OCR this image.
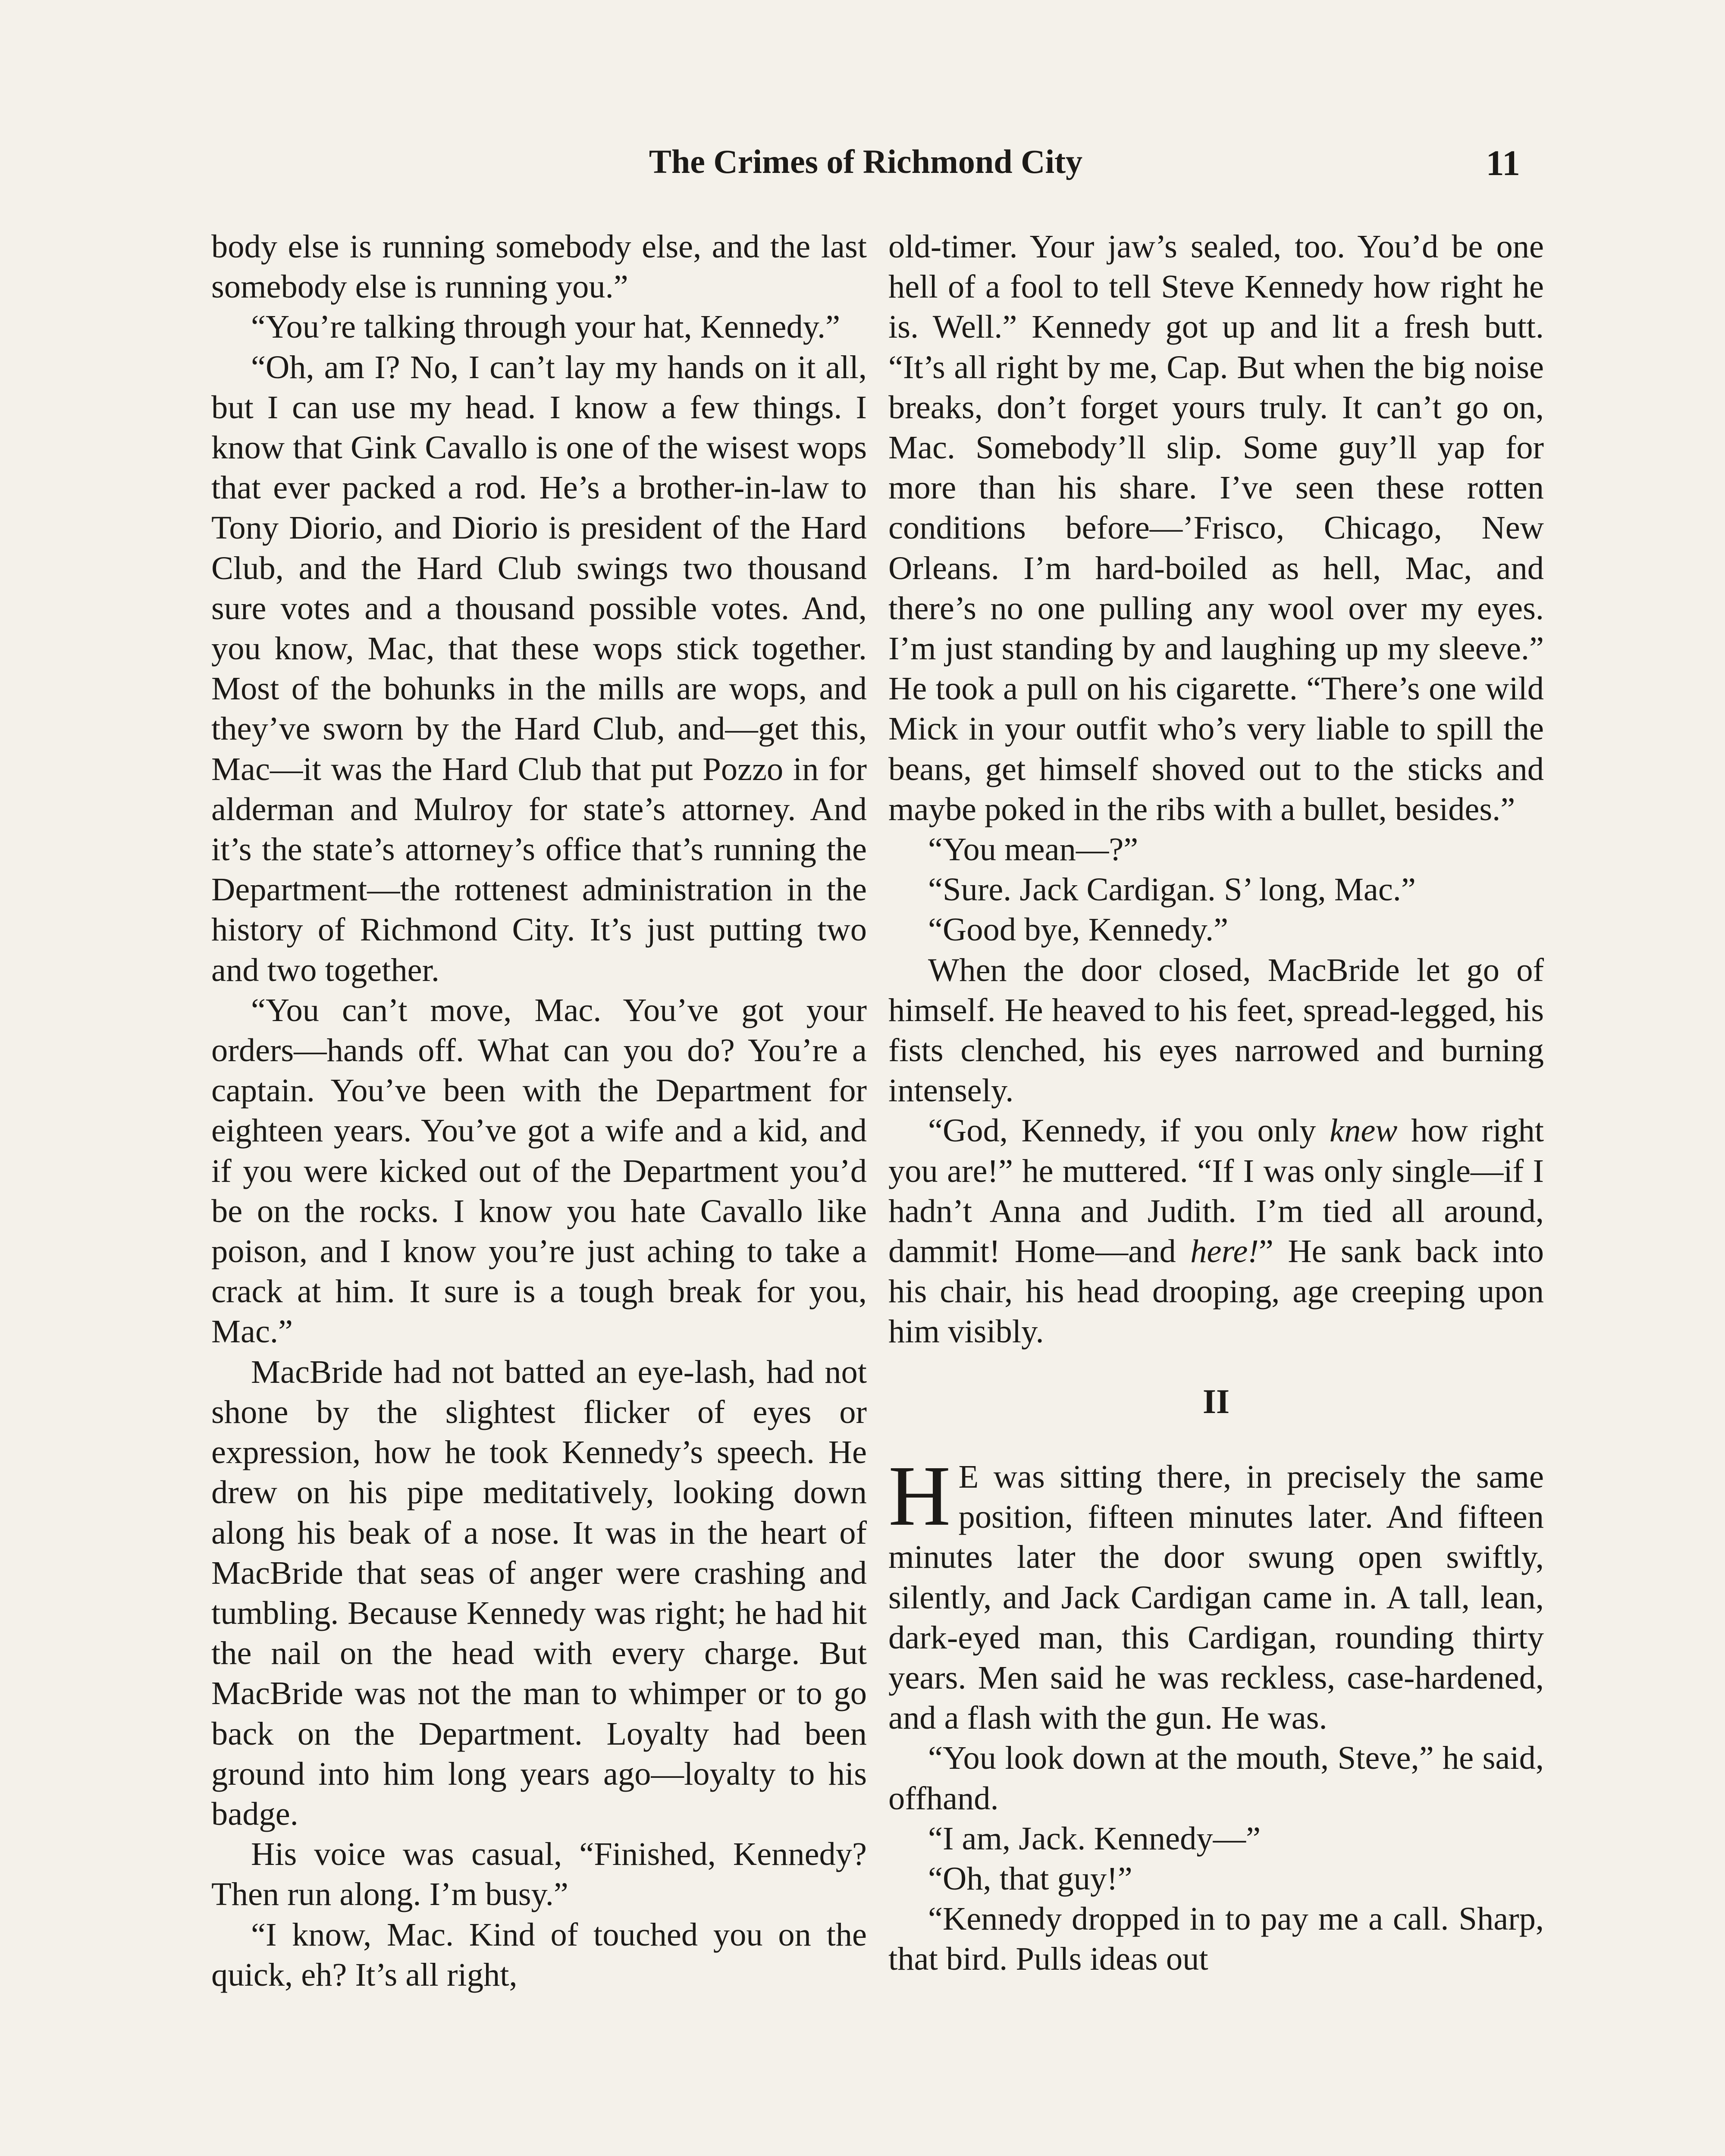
The Crimes of Richmond City	11

body else is running somebody else, and the last somebody else is running you.”

“You’re talking through your hat, Kennedy.”

“Oh, am I? No, I can’t lay my hands on it all, but I can use my head. I know a few things. I know that Gink Cavallo is one of the wisest wops that ever packed a rod. He’s a brother-in-law to Tony Diorio, and Diorio is president of the Hard Club, and the Hard Club swings two thousand sure votes and a thousand possible votes. And, you know, Mac, that these wops stick together. Most of the bohunks in the mills are wops, and they’ve sworn by the Hard Club, and—get this, Mac—it was the Hard Club that put Pozzo in for alderman and Mulroy for state’s attorney. And it’s the state’s attorney’s office that’s running the Department—the rottenest administration in the history of Richmond City. It’s just putting two and two together.

“You can’t move, Mac. You’ve got your orders—hands off. What can you do? You’re a captain. You’ve been with the Department for eighteen years. You’ve got a wife and a kid, and if you were kicked out of the Department you’d be on the rocks. I know you hate Cavallo like poison, and I know you’re just aching to take a crack at him. It sure is a tough break for you, Mac.”

MacBride had not batted an eye-lash, had not shone by the slightest flicker of eyes or expression, how he took Kennedy’s speech. He drew on his pipe meditatively, looking down along his beak of a nose. It was in the heart of MacBride that seas of anger were crashing and tumbling. Because Kennedy was right; he had hit the nail on the head with every charge. But MacBride was not the man to whimper or to go back on the Department. Loyalty had been ground into him long years ago—loyalty to his badge.

His voice was casual, “Finished, Kennedy? Then run along. I’m busy.”

“I know, Mac. Kind of touched you on the quick, eh? It’s all right,

old-timer. Your jaw’s sealed, too. You’d be one hell of a fool to tell Steve Kennedy how right he is. Well.” Kennedy got up and lit a fresh butt. “It’s all right by me, Cap. But when the big noise breaks, don’t forget yours truly. It can’t go on, Mac. Somebody’ll slip. Some guy’ll yap for more than his share. I’ve seen these rotten conditions before—’Frisco, Chicago, New Orleans. I’m hard-boiled as hell, Mac, and there’s no one pulling any wool over my eyes. I’m just standing by and laughing up my sleeve.” He took a pull on his cigarette. “There’s one wild Mick in your outfit who’s very liable to spill the beans, get himself shoved out to the sticks and maybe poked in the ribs with a bullet, besides.”

“You mean—?”

“Sure. Jack Cardigan. S’ long, Mac.”

“Good bye, Kennedy.”

When the door closed, MacBride let go of himself. He heaved to his feet, spread-legged, his fists clenched, his eyes narrowed and burning intensely.

“God, Kennedy, if you only knew how right you are!” he muttered. “If I was only single—if I hadn’t Anna and Judith. I’m tied all around, dammit! Home—and here!” He sank back into his chair, his head drooping, age creeping upon him visibly.

II

H E was sitting there, in precisely the same position, fifteen minutes later. And fifteen minutes later the door swung open swiftly, silently, and Jack Cardigan came in. A tall, lean, dark-eyed man, this Cardigan, rounding thirty years. Men said he was reckless, case-hardened, and a flash with the gun. He was.

“You look down at the mouth, Steve,” he said, offhand.

“I am, Jack. Kennedy—”

“Oh, that guy!”

“Kennedy dropped in to pay me a call. Sharp, that bird. Pulls ideas out
